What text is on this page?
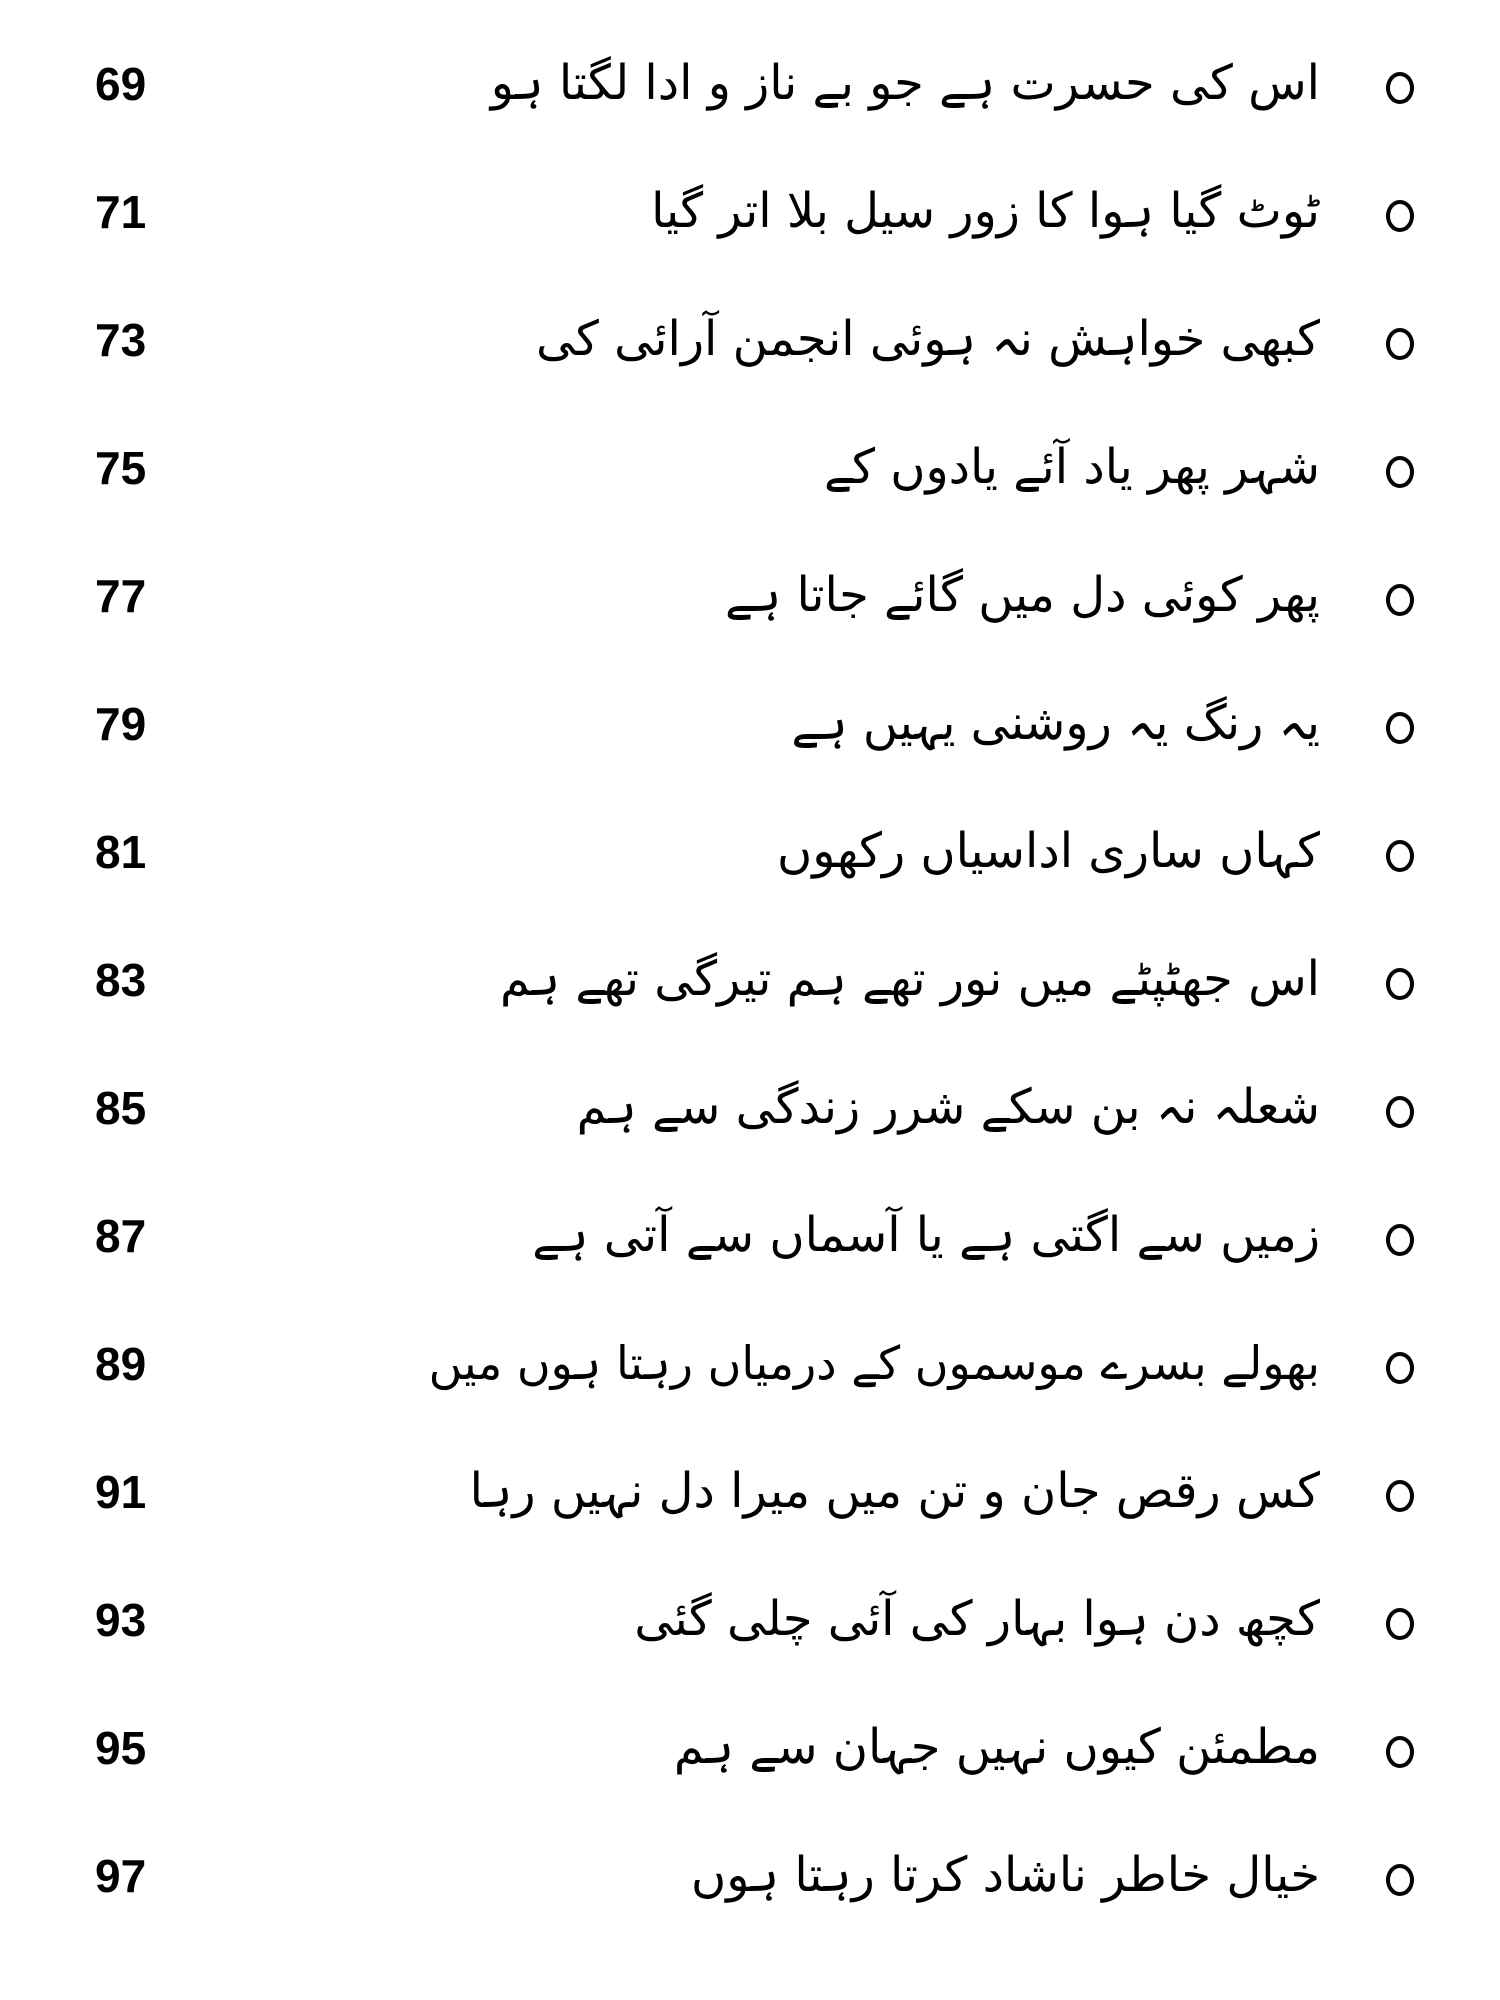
69	اس کی حسرت ہے جو بے ناز و ادا لگتا ہو
71	ٹوٹ گیا ہوا کا زور سیل بلا اتر گیا
73	کبھی خواہش نہ ہوئی انجمن آرائی کی
75	شہر پھر یاد آئے یادوں کے
77	پھر کوئی دل میں گائے جاتا ہے
79	یہ رنگ یہ روشنی یہیں ہے
81	کہاں ساری اداسیاں رکھوں
83	اس جھٹپٹے میں نور تھے ہم تیرگی تھے ہم
85	شعلہ نہ بن سکے شرر زندگی سے ہم
87	زمیں سے اگتی ہے یا آسماں سے آتی ہے
89	بھولے بسرے موسموں کے درمیاں رہتا ہوں میں
91	کس رقص جان و تن میں میرا دل نہیں رہا
93	کچھ دن ہوا بہار کی آئی چلی گئی
95	مطمئن کیوں نہیں جہان سے ہم
97	خیال خاطر ناشاد کرتا رہتا ہوں
